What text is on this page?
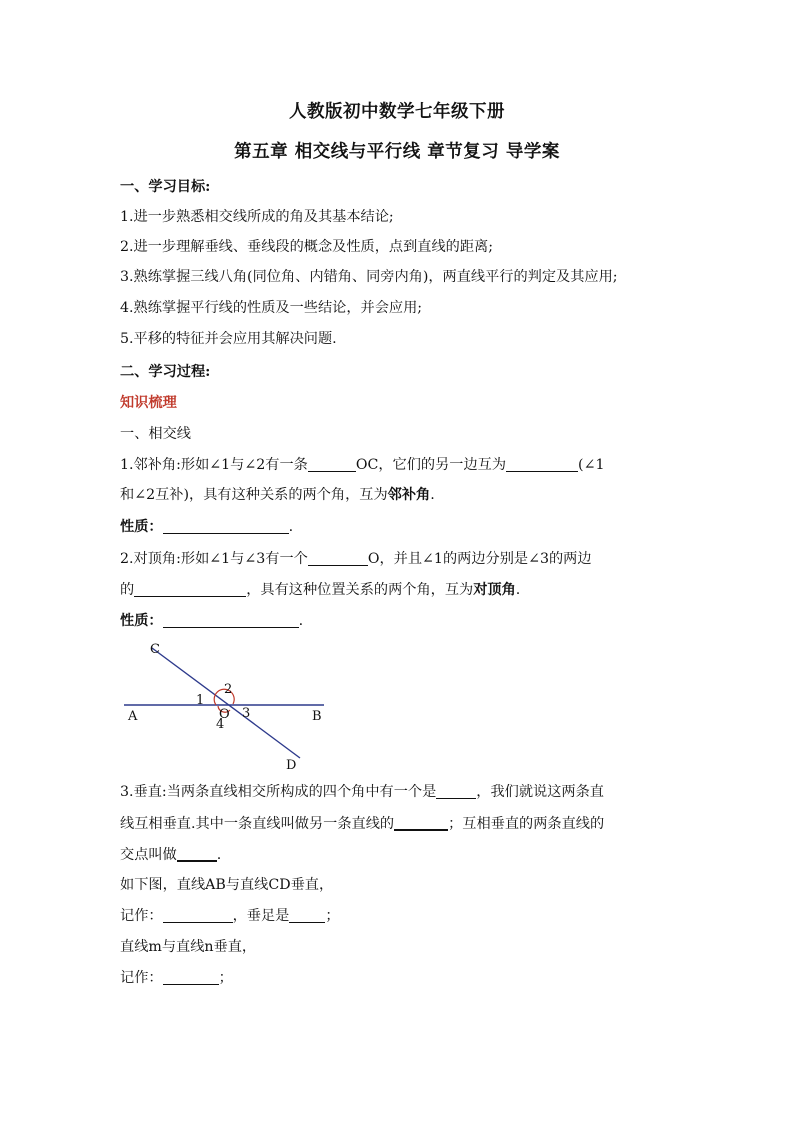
人教版初中数学七年级下册
第五章 相交线与平行线 章节复习 导学案
一、学习目标:
1.进一步熟悉相交线所成的角及其基本结论;
2.进一步理解垂线、垂线段的概念及性质，点到直线的距离;
3.熟练掌握三线八角(同位角、内错角、同旁内角)，两直线平行的判定及其应用;
4.熟练掌握平行线的性质及一些结论，并会应用;
5.平移的特征并会应用其解决问题.
二、学习过程:
知识梳理
一、相交线
1.邻补角:形如∠1与∠2有一条	OC，它们的另一边互为	(∠1
和∠2互补)，具有这种关系的两个角，互为邻补角.
性质：	.
2.对顶角:形如∠1与∠3有一个	O，并且∠1的两边分别是∠3的两边
的	，具有这种位置关系的两个角，互为对顶角.
性质：	.
C
1
2
3
4
O
A	B
D
3.垂直:当两条直线相交所构成的四个角中有一个是	，我们就说这两条直
线互相垂直.其中一条直线叫做另一条直线的	；互相垂直的两条直线的
交点叫做	.
如下图，直线AB与直线CD垂直，
记作：	，垂足是	；
直线m与直线n垂直，
记作：	；
